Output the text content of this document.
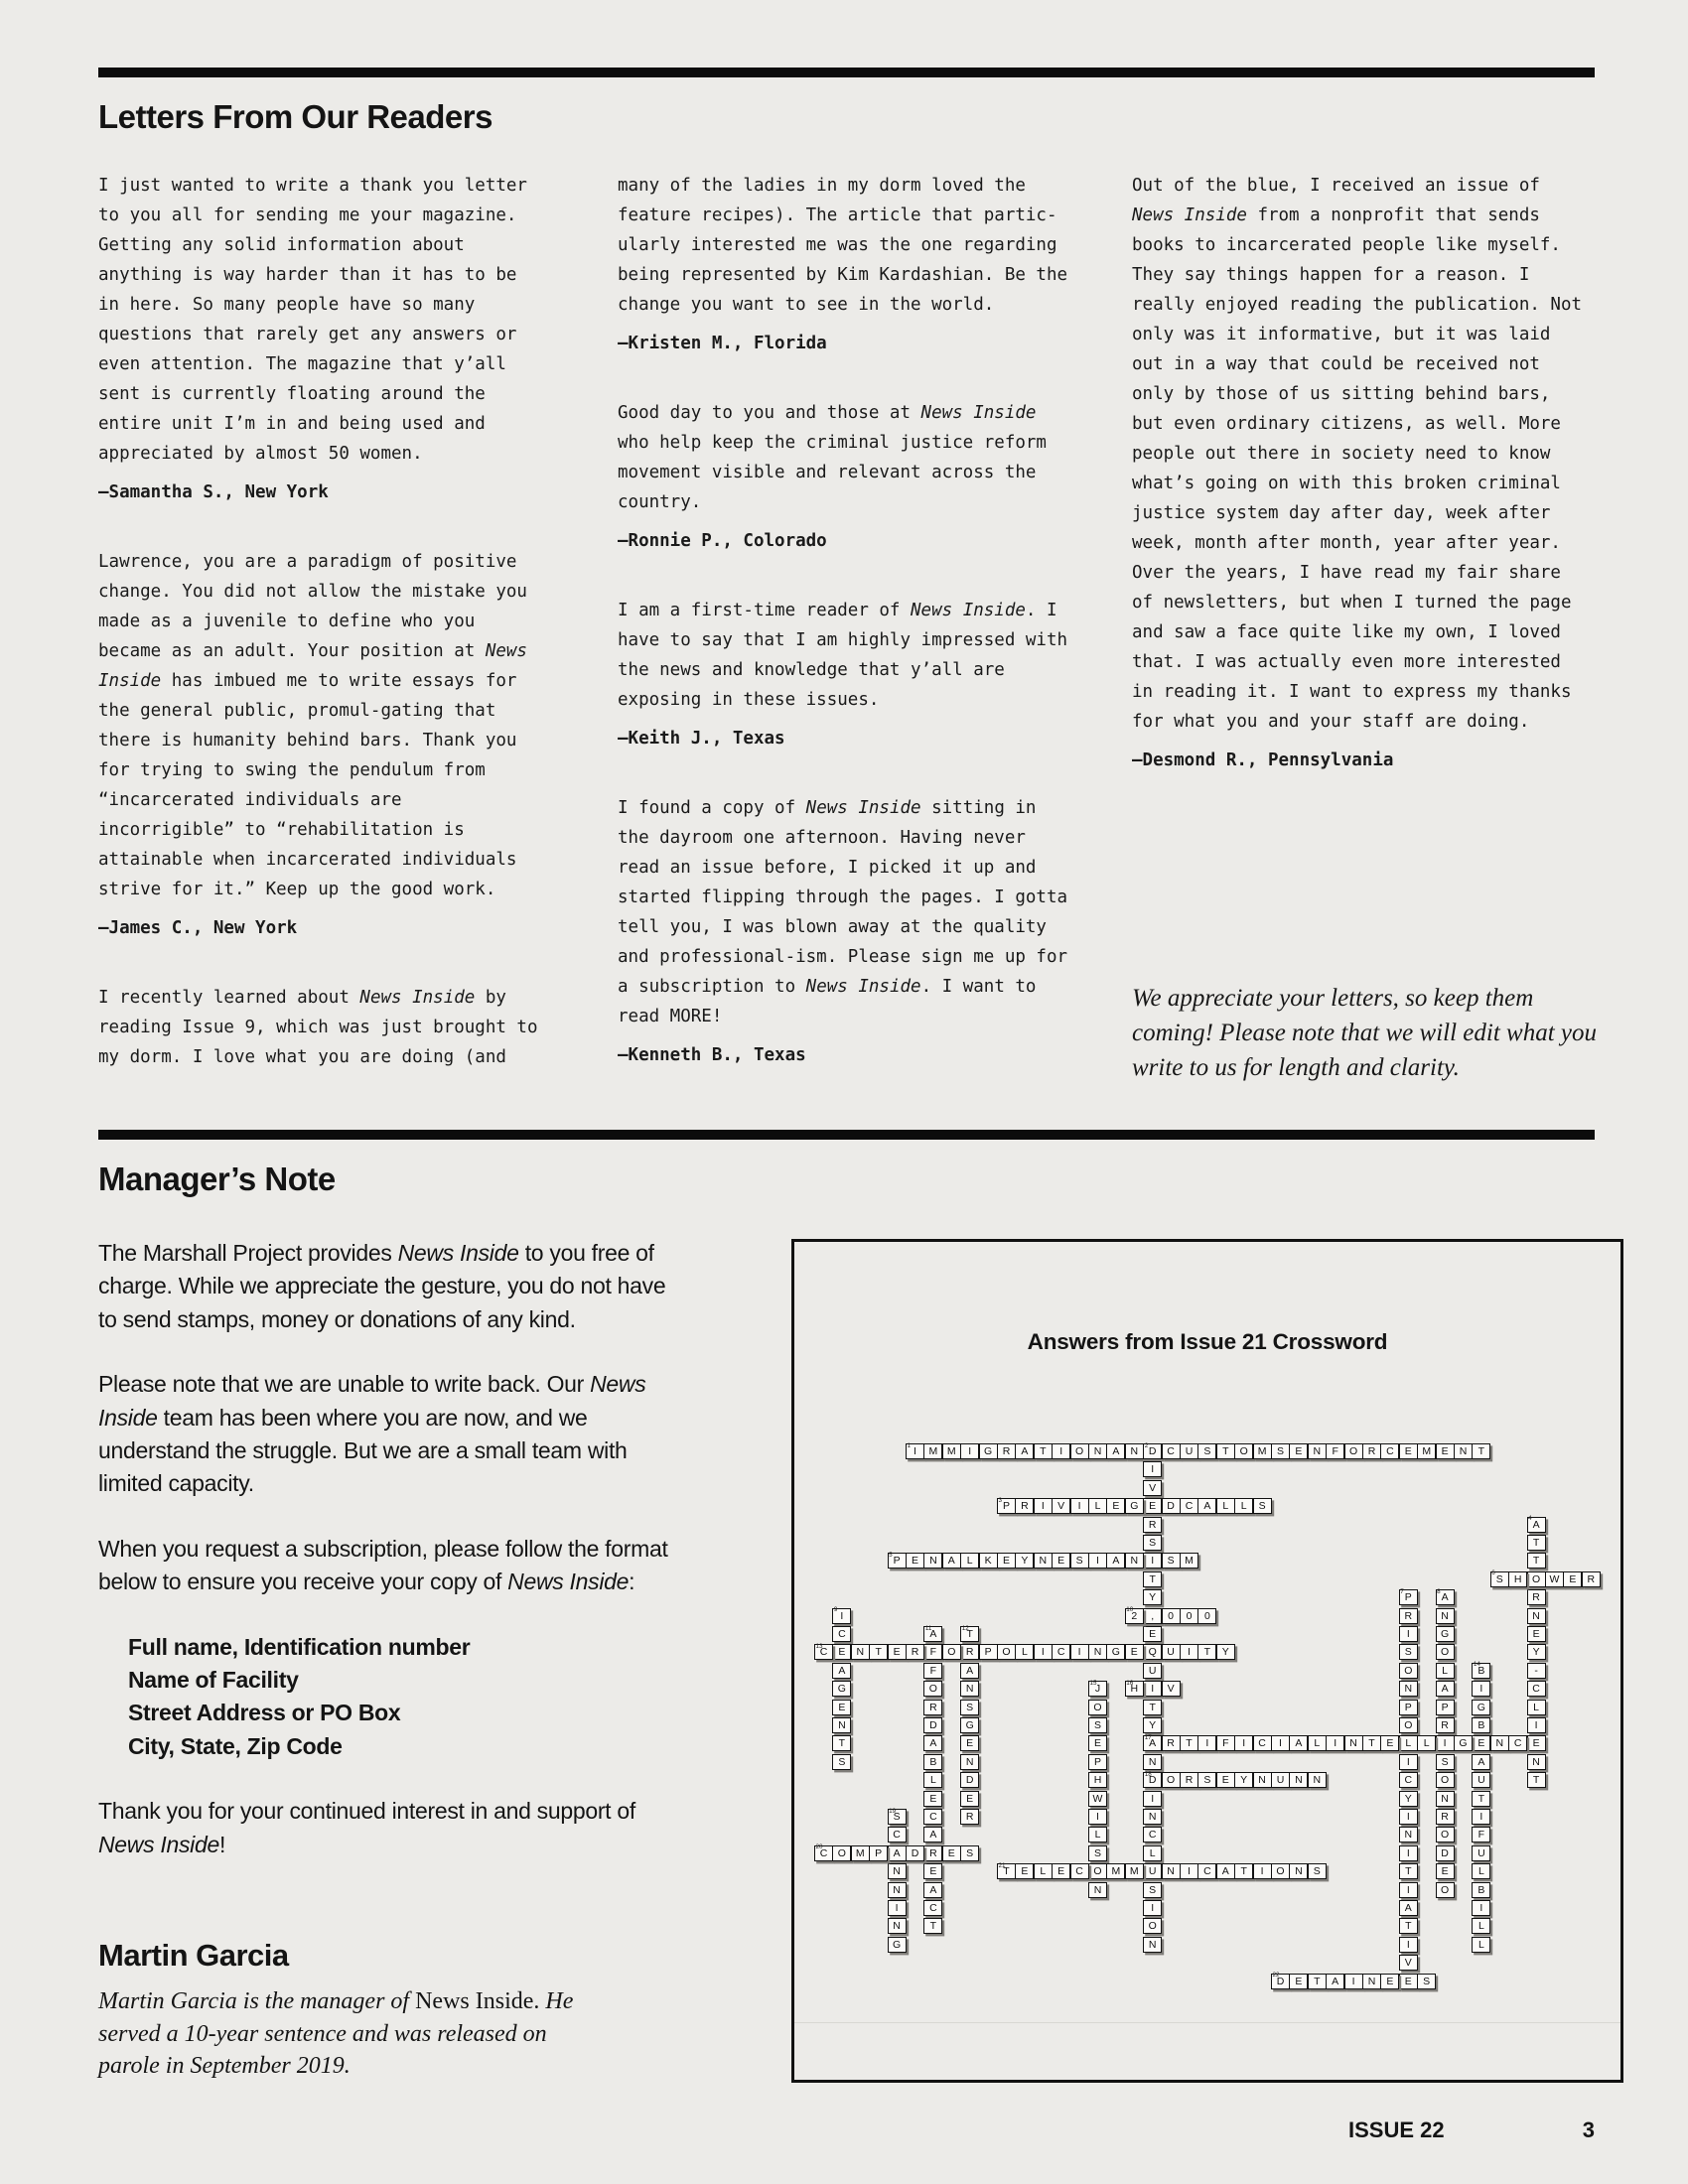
Letters From Our Readers

I just wanted to write a thank you letter to you all for sending me your magazine. Getting any solid information about anything is way harder than it has to be in here. So many people have so many questions that rarely get any answers or even attention. The magazine that y’all sent is currently floating around the entire unit I’m in and being used and appreciated by almost 50 women.

—Samantha S., New York

Lawrence, you are a paradigm of positive change. You did not allow the mistake you made as a juvenile to define who you became as an adult. Your position at News Inside has imbued me to write essays for the general public, promul-gating that there is humanity behind bars. Thank you for trying to swing the pendulum from “incarcerated individuals are incorrigible” to “rehabilitation is attainable when incarcerated individuals strive for it.” Keep up the good work.

—James C., New York

I recently learned about News Inside by reading Issue 9, which was just brought to my dorm. I love what you are doing (and

many of the ladies in my dorm loved the feature recipes). The article that partic-ularly interested me was the one regarding being represented by Kim Kardashian. Be the change you want to see in the world.

—Kristen M., Florida

Good day to you and those at News Inside who help keep the criminal justice reform movement visible and relevant across the country.

—Ronnie P., Colorado

I am a first-time reader of News Inside. I have to say that I am highly impressed with the news and knowledge that y’all are exposing in these issues.

—Keith J., Texas

I found a copy of News Inside sitting in the dayroom one afternoon. Having never read an issue before, I picked it up and started flipping through the pages. I gotta tell you, I was blown away at the quality and professional-ism. Please sign me up for a subscription to News Inside. I want to read MORE!

—Kenneth B., Texas

Out of the blue, I received an issue of News Inside from a nonprofit that sends books to incarcerated people like myself. They say things happen for a reason. I really enjoyed reading the publication. Not only was it informative, but it was laid out in a way that could be received not only by those of us sitting behind bars, but even ordinary citizens, as well. More people out there in society need to know what’s going on with this broken criminal justice system day after day, week after week, month after month, year after year. Over the years, I have read my fair share of newsletters, but when I turned the page and saw a face quite like my own, I loved that. I was actually even more interested in reading it. I want to express my thanks for what you and your staff are doing.

—Desmond R., Pennsylvania

We appreciate your letters, so keep them coming! Please note that we will edit what you write to us for length and clarity.
Manager’s Note

The Marshall Project provides News Inside to you free of charge. While we appreciate the gesture, you do not have to send stamps, money or donations of any kind.

Please note that we are unable to write back. Our News Inside team has been where you are now, and we understand the struggle. But we are a small team with limited capacity.

When you request a subscription, please follow the format below to ensure you receive your copy of News Inside:

Full name, Identification number
Name of Facility
Street Address or PO Box
City, State, Zip Code

Thank you for your continued interest in and support of News Inside!

Martin Garcia
Martin Garcia is the manager of News Inside. He served a 10-year sentence and was released on parole in September 2019.
Answers from Issue 21 Crossword
I
1	M M	I	G	R	A	T	I	O	N	A	N	D
2	C	U	S	T	O M	S	E	N	F	O	R	C	E	M	E	N	T
I
V
E
R
S
I
T
Y
,
E
Q
U
I
T
Y
A
17
N
D
18
I
N
C
L
U
S
I
O
N
P
3	R	I	V	I	L	E	G	D	C	A	L	L	S
A
4
T
T
O
R
N
E
Y
-
C
L
I
E
N
T
P
5	E	N	A	L	K	E	Y	N	E	S	I	A	N	S	M
S
6	H	W E	R
P
7
R
I
S
O
N
P
O
L
I
C
Y
I
N
I
T
I
A
T
I
V
E
A
8
N
G
O
L
A
P
R
I
S
O
N
R
O
D
E
O
I
9
C
E
A
G
E
N
T
S
2
10	0	0	0
A
11
F
F
O
R
D
A
B
L
E
C
A
R
E
A
C
T
T
12
R
A
N
S
G
E
N
D
E
R
C
13	N	T	E	R	O	P	O	L	I	C	I	N	G	E	U	I	T	Y
B
14
I
G
B
E
A
U
T
I
F
U
L
B
I
L
L
J
15
O
S
E
P
H
W
I
L
S
O
N
H
16	V
R	T	I	F	I	C	I	A	L	I	N	T	E	L	G	N	C
O	R	S	E	Y	N	U	N	N
S
19
C
A
N
N
I
N
G
C
20	O M	P	D	E	S
T
21	E	L	E	C	M M	N	I	C	A	T	I	O	N	S
D
22	E	T	A	I	N	E	S
ISSUE 22	3
